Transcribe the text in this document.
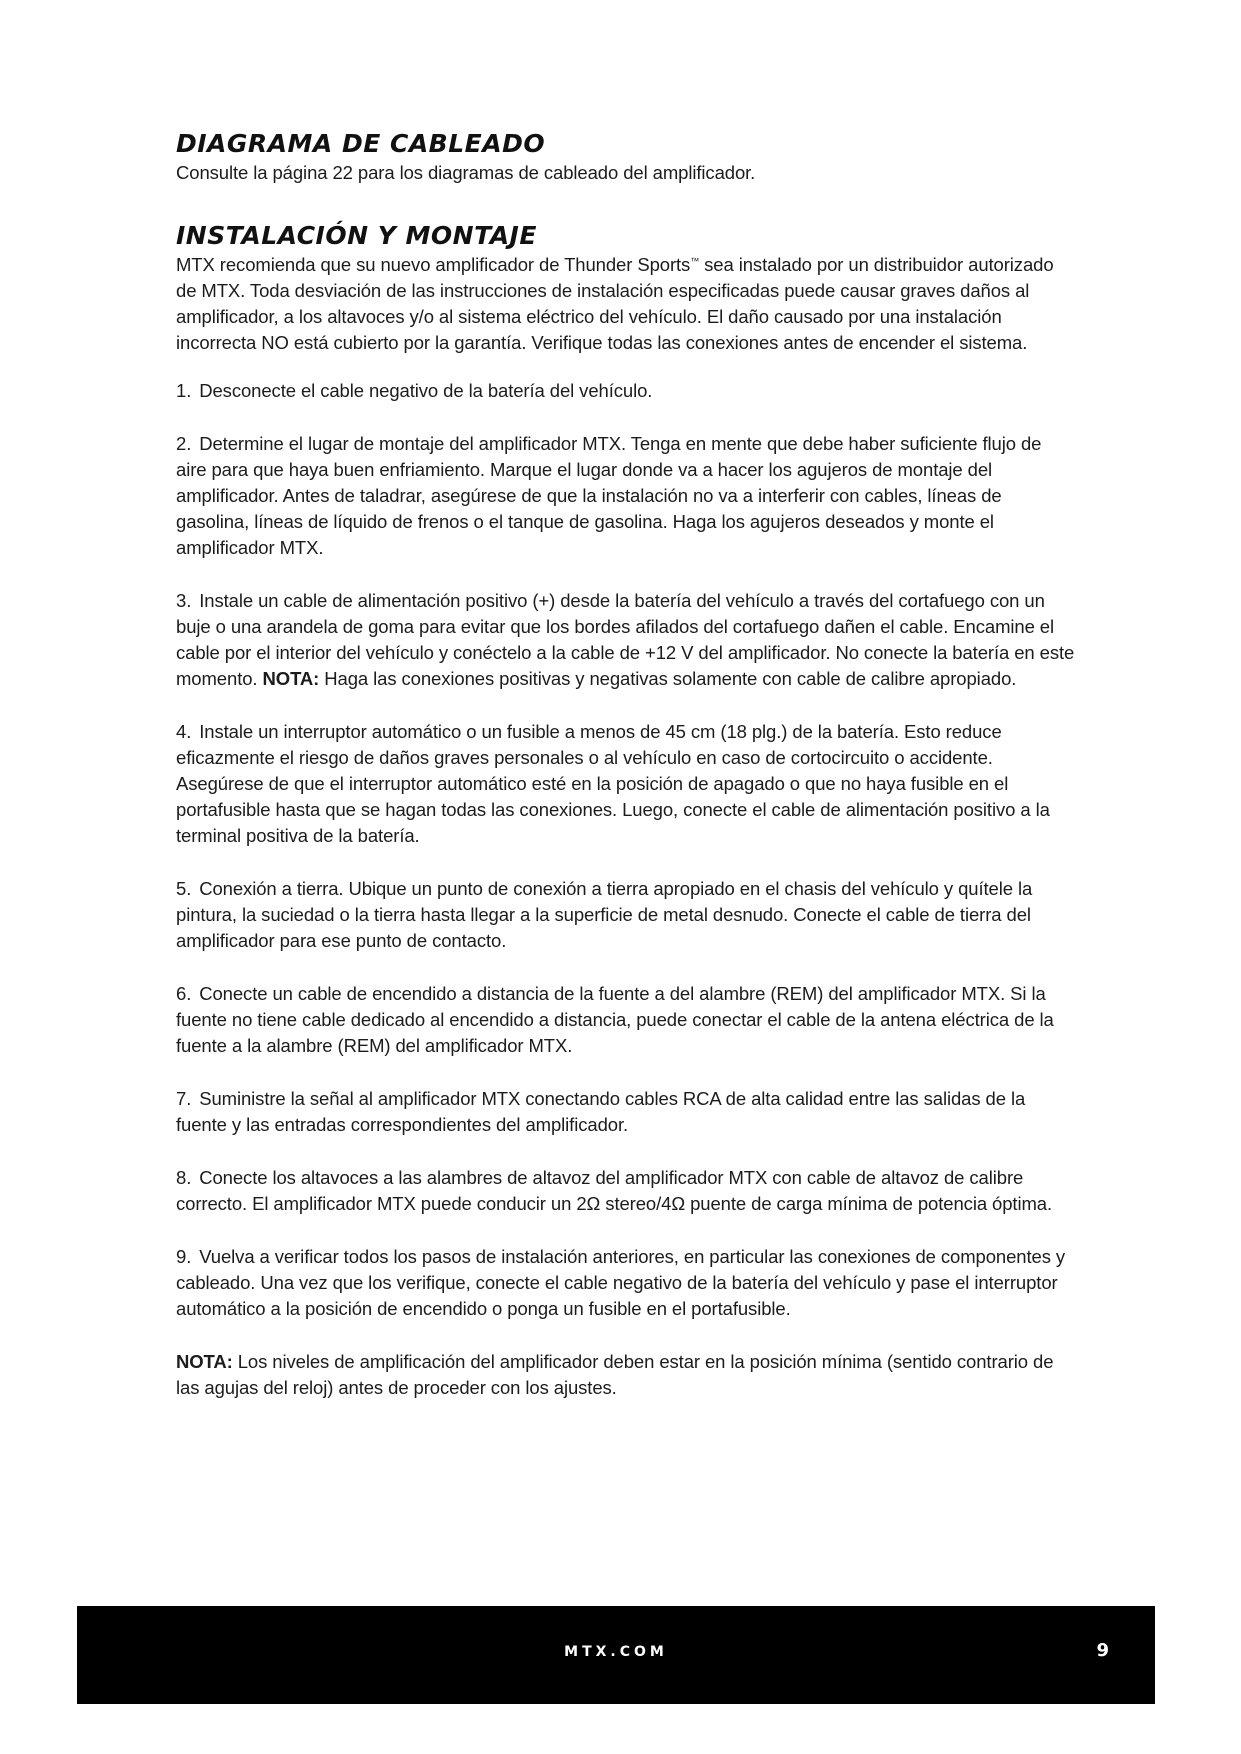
DIAGRAMA DE CABLEADO

Consulte la página 22 para los diagramas de cableado del amplificador.

INSTALACIÓN Y MONTAJE

MTX recomienda que su nuevo amplificador de Thunder Sports™ sea instalado por un distribuidor autorizado de MTX. Toda desviación de las instrucciones de instalación especificadas puede causar graves daños al amplificador, a los altavoces y/o al sistema eléctrico del vehículo. El daño causado por una instalación incorrecta NO está cubierto por la garantía. Verifique todas las conexiones antes de encender el sistema.

1. Desconecte el cable negativo de la batería del vehículo.
2. Determine el lugar de montaje del amplificador MTX. Tenga en mente que debe haber suficiente flujo de aire para que haya buen enfriamiento. Marque el lugar donde va a hacer los agujeros de montaje del amplificador. Antes de taladrar, asegúrese de que la instalación no va a interferir con cables, líneas de gasolina, líneas de líquido de frenos o el tanque de gasolina. Haga los agujeros deseados y monte el amplificador MTX.
3. Instale un cable de alimentación positivo (+) desde la batería del vehículo a través del cortafuego con un buje o una arandela de goma para evitar que los bordes afilados del cortafuego dañen el cable. Encamine el cable por el interior del vehículo y conéctelo a la cable de +12 V del amplificador. No conecte la batería en este momento. NOTA: Haga las conexiones positivas y negativas solamente con cable de calibre apropiado.
4. Instale un interruptor automático o un fusible a menos de 45 cm (18 plg.) de la batería. Esto reduce eficazmente el riesgo de daños graves personales o al vehículo en caso de cortocircuito o accidente. Asegúrese de que el interruptor automático esté en la posición de apagado o que no haya fusible en el portafusible hasta que se hagan todas las conexiones. Luego, conecte el cable de alimentación positivo a la terminal positiva de la batería.
5. Conexión a tierra. Ubique un punto de conexión a tierra apropiado en el chasis del vehículo y quítele la pintura, la suciedad o la tierra hasta llegar a la superficie de metal desnudo. Conecte el cable de tierra del amplificador para ese punto de contacto.
6. Conecte un cable de encendido a distancia de la fuente a del alambre (REM) del amplificador MTX. Si la fuente no tiene cable dedicado al encendido a distancia, puede conectar el cable de la antena eléctrica de la fuente a la alambre (REM) del amplificador MTX.
7. Suministre la señal al amplificador MTX conectando cables RCA de alta calidad entre las salidas de la fuente y las entradas correspondientes del amplificador.
8. Conecte los altavoces a las alambres de altavoz del amplificador MTX con cable de altavoz de calibre correcto. El amplificador MTX puede conducir un 2Ω stereo/4Ω puente de carga mínima de potencia óptima.
9. Vuelva a verificar todos los pasos de instalación anteriores, en particular las conexiones de componentes y cableado. Una vez que los verifique, conecte el cable negativo de la batería del vehículo y pase el interruptor automático a la posición de encendido o ponga un fusible en el portafusible.

NOTA: Los niveles de amplificación del amplificador deben estar en la posición mínima (sentido contrario de las agujas del reloj) antes de proceder con los ajustes.

MTX.COM	9
